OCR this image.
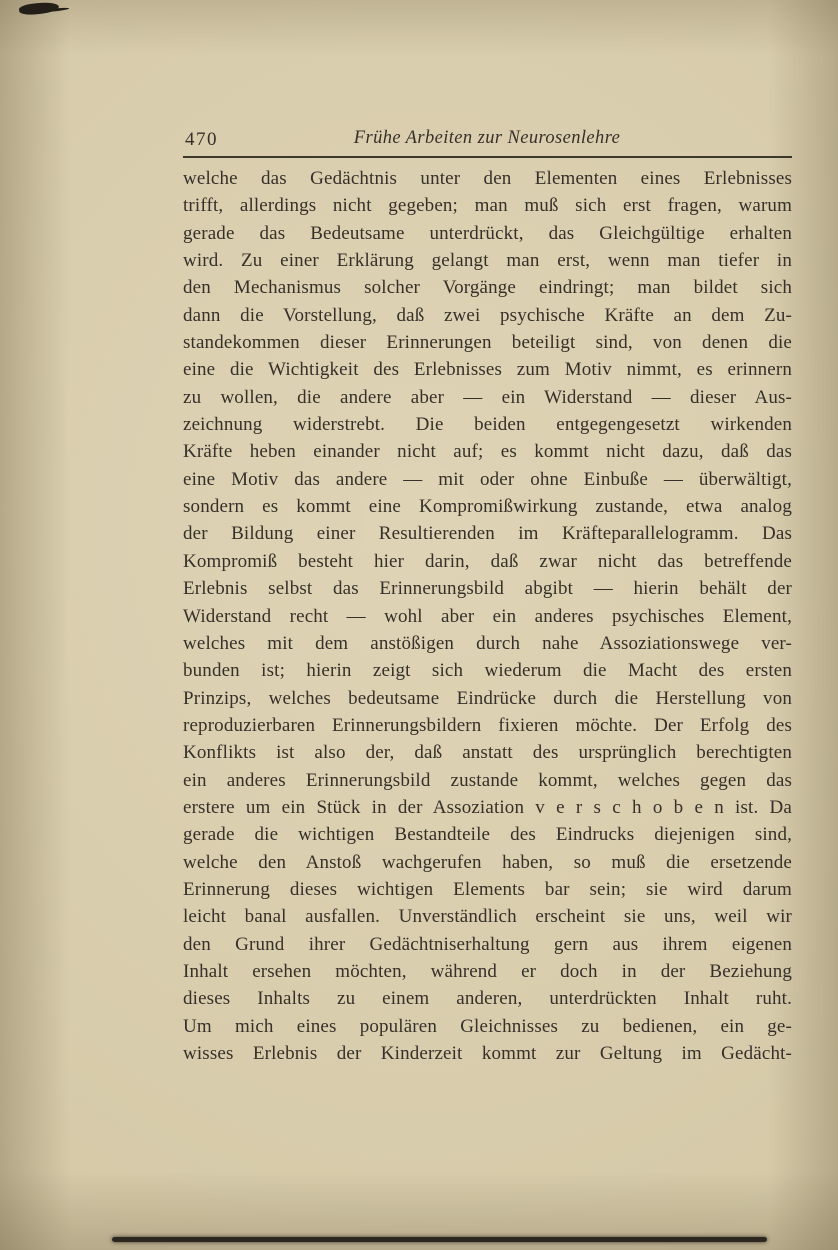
470	Frühe Arbeiten zur Neurosenlehre
welche das Gedächtnis unter den Elementen eines Erlebnisses
trifft, allerdings nicht gegeben; man muß sich erst fragen, warum
gerade das Bedeutsame unterdrückt, das Gleichgültige erhalten
wird. Zu einer Erklärung gelangt man erst, wenn man tiefer in
den Mechanismus solcher Vorgänge eindringt; man bildet sich
dann die Vorstellung, daß zwei psychische Kräfte an dem Zu-
standekommen dieser Erinnerungen beteiligt sind, von denen die
eine die Wichtigkeit des Erlebnisses zum Motiv nimmt, es erinnern
zu wollen, die andere aber — ein Widerstand — dieser Aus-
zeichnung widerstrebt. Die beiden entgegengesetzt wirkenden
Kräfte heben einander nicht auf; es kommt nicht dazu, daß das
eine Motiv das andere — mit oder ohne Einbuße — überwältigt,
sondern es kommt eine Kompromißwirkung zustande, etwa analog
der Bildung einer Resultierenden im Kräfteparallelogramm. Das
Kompromiß besteht hier darin, daß zwar nicht das betreffende
Erlebnis selbst das Erinnerungsbild abgibt — hierin behält der
Widerstand recht — wohl aber ein anderes psychisches Element,
welches mit dem anstößigen durch nahe Assoziationswege ver-
bunden ist; hierin zeigt sich wiederum die Macht des ersten
Prinzips, welches bedeutsame Eindrücke durch die Herstellung von
reproduzierbaren Erinnerungsbildern fixieren möchte. Der Erfolg des
Konflikts ist also der, daß anstatt des ursprünglich berechtigten
ein anderes Erinnerungsbild zustande kommt, welches gegen das
erstere um ein Stück in der Assoziation v e r s c h o b e n ist. Da
gerade die wichtigen Bestandteile des Eindrucks diejenigen sind,
welche den Anstoß wachgerufen haben, so muß die ersetzende
Erinnerung dieses wichtigen Elements bar sein; sie wird darum
leicht banal ausfallen. Unverständlich erscheint sie uns, weil wir
den Grund ihrer Gedächtniserhaltung gern aus ihrem eigenen
Inhalt ersehen möchten, während er doch in der Beziehung
dieses Inhalts zu einem anderen, unterdrückten Inhalt ruht.
Um mich eines populären Gleichnisses zu bedienen, ein ge-
wisses Erlebnis der Kinderzeit kommt zur Geltung im Gedächt-
